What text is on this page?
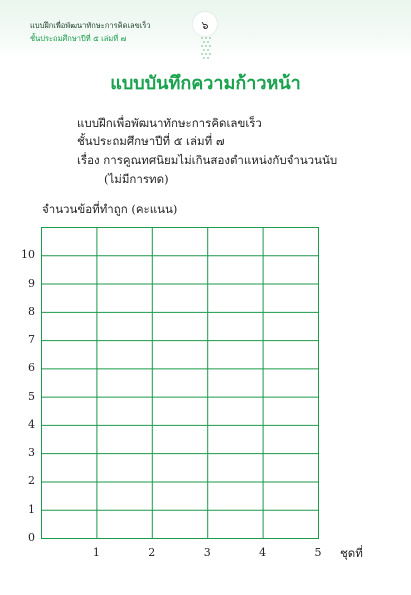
แบบฝึกเพื่อพัฒนาทักษะการคิดเลขเร็ว
ชั้นประถมศึกษาปีที่ ๕ เล่มที่ ๗
๖
แบบบันทึกความก้าวหน้า
แบบฝึกเพื่อพัฒนาทักษะการคิดเลขเร็ว
ชั้นประถมศึกษาปีที่ ๕ เล่มที่ ๗
เรื่อง การคูณทศนิยมไม่เกินสองตำแหน่งกับจำนวนนับ
(ไม่มีการทด)
จำนวนข้อที่ทำถูก (คะแนน)
0
1
2
3
4
5
6
7
8
9
10
1	2	3	4	5	ชุดที่
